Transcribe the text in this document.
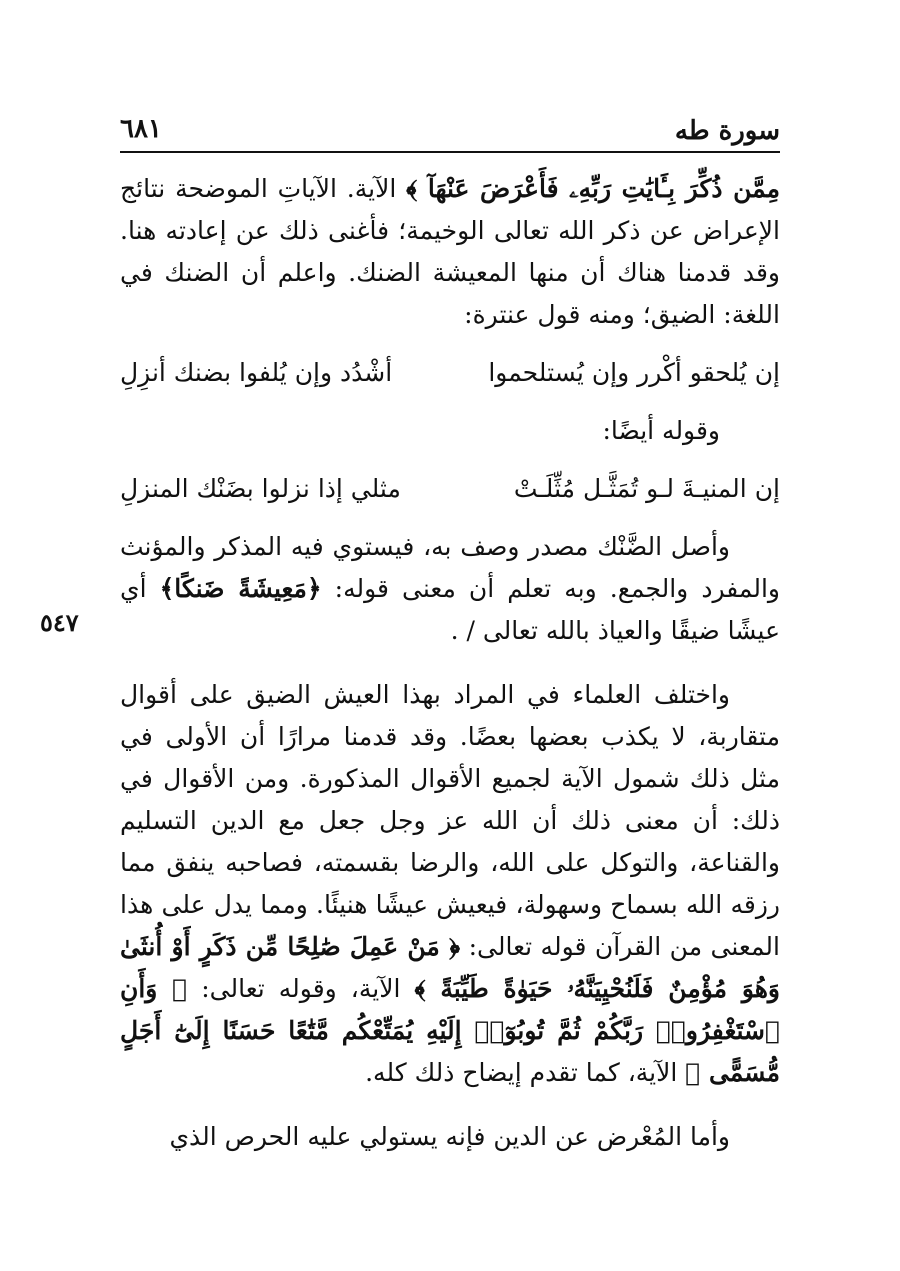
سورة طه
٦٨١
٥٤٧

مِمَّن ذُكِّرَ بِـَٔايَٰتِ رَبِّهِۦ فَأَعْرَضَ عَنْهَآ ﴾ الآية. الآياتِ الموضحة نتائج الإعراض عن ذكر الله تعالى الوخيمة؛ فأغنى ذلك عن إعادته هنا. وقد قدمنا هناك أن منها المعيشة الضنك. واعلم أن الضنك في اللغة: الضيق؛ ومنه قول عنترة:

إن يُلحقو أكْرر وإن يُستلحموا
أشْدُد وإن يُلفوا بضنك أنزِلِ

وقوله أيضًا:

إن المنيـةَ لـو تُمَثَّـل مُثِّلَـتْ
مثلي إذا نزلوا بضَنْك المنزلِ

وأصل الضَّنْك مصدر وصف به، فيستوي فيه المذكر والمؤنث والمفرد والجمع. وبه تعلم أن معنى قوله: ﴿مَعِيشَةً ضَنكًا﴾ أي عيشًا ضيقًا والعياذ بالله تعالى / .

واختلف العلماء في المراد بهذا العيش الضيق على أقوال متقاربة، لا يكذب بعضها بعضًا. وقد قدمنا مرارًا أن الأولى في مثل ذلك شمول الآية لجميع الأقوال المذكورة. ومن الأقوال في ذلك: أن معنى ذلك أن الله عز وجل جعل مع الدين التسليم والقناعة، والتوكل على الله، والرضا بقسمته، فصاحبه ينفق مما رزقه الله بسماح وسهولة، فيعيش عيشًا هنيئًا. ومما يدل على هذا المعنى من القرآن قوله تعالى: ﴿ مَنْ عَمِلَ صَٰلِحًا مِّن ذَكَرٍ أَوْ أُنثَىٰ وَهُوَ مُؤْمِنٌ فَلَنُحْيِيَنَّهُۥ حَيَوٰةً طَيِّبَةً ﴾ الآية، وقوله تعالى: ﴿ وَأَنِ ٱسْتَغْفِرُوا۟ رَبَّكُمْ ثُمَّ تُوبُوٓا۟ إِلَيْهِ يُمَتِّعْكُم مَّتَٰعًا حَسَنًا إِلَىٰٓ أَجَلٍ مُّسَمًّى ﴾ الآية، كما تقدم إيضاح ذلك كله.

وأما المُعْرض عن الدين فإنه يستولي عليه الحرص الذي
